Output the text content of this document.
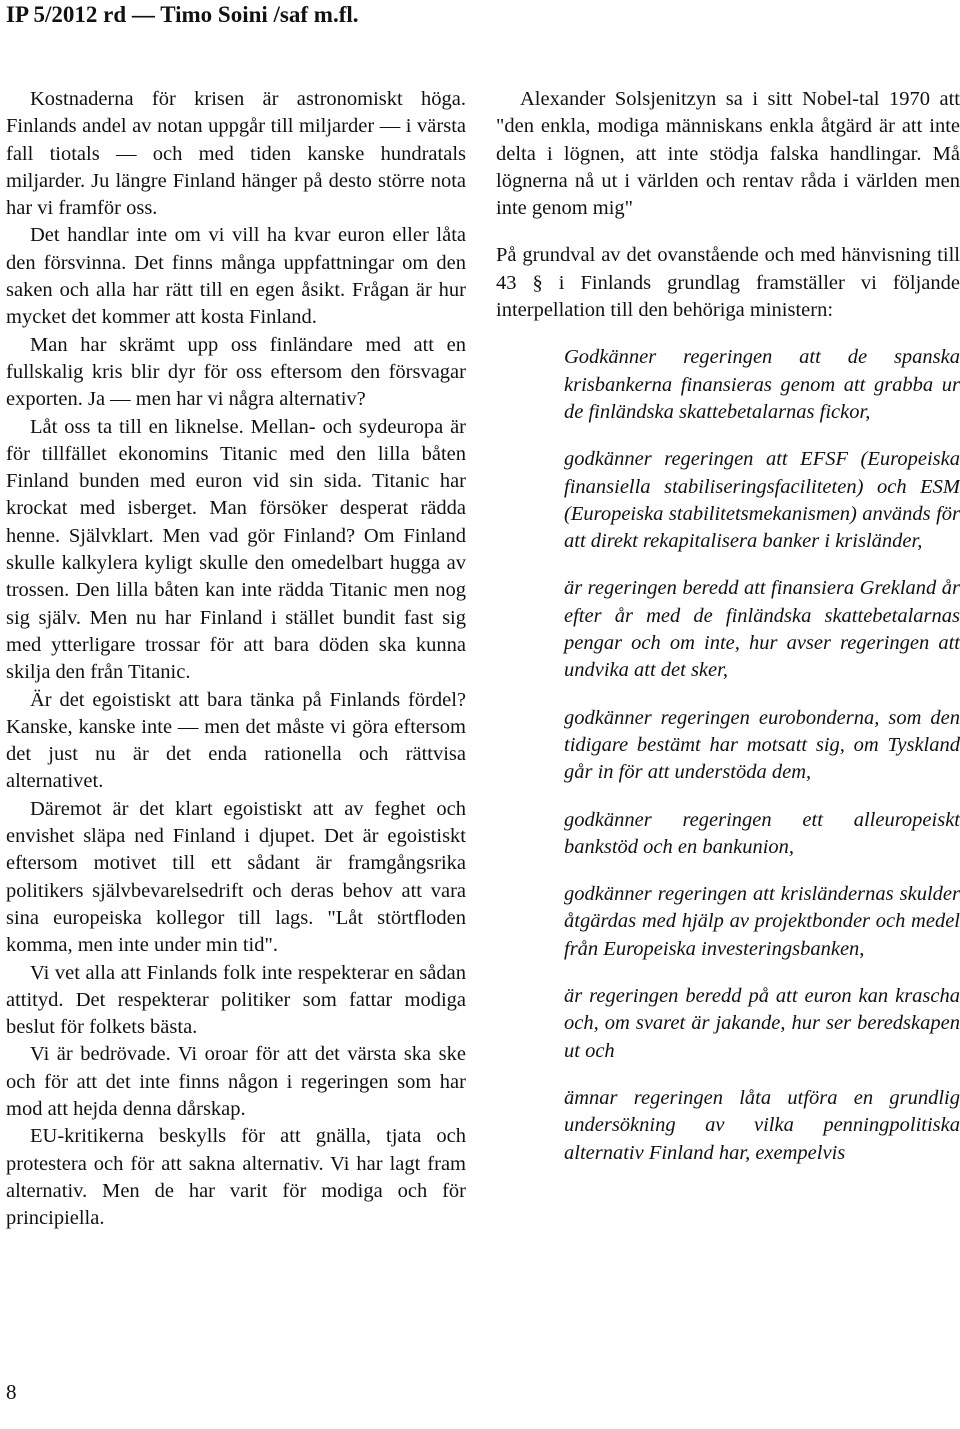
IP 5/2012 rd — Timo Soini /saf m.fl.

Kostnaderna för krisen är astronomiskt höga. Finlands andel av notan uppgår till miljarder — i värsta fall tiotals — och med tiden kanske hundratals miljarder. Ju längre Finland hänger på desto större nota har vi framför oss.

Det handlar inte om vi vill ha kvar euron eller låta den försvinna. Det finns många uppfattningar om den saken och alla har rätt till en egen åsikt. Frågan är hur mycket det kommer att kosta Finland.

Man har skrämt upp oss finländare med att en fullskalig kris blir dyr för oss eftersom den försvagar exporten. Ja — men har vi några alternativ?

Låt oss ta till en liknelse. Mellan- och sydeuropa är för tillfället ekonomins Titanic med den lilla båten Finland bunden med euron vid sin sida. Titanic har krockat med isberget. Man försöker desperat rädda henne. Självklart. Men vad gör Finland? Om Finland skulle kalkylera kyligt skulle den omedelbart hugga av trossen. Den lilla båten kan inte rädda Titanic men nog sig själv. Men nu har Finland i stället bundit fast sig med ytterligare trossar för att bara döden ska kunna skilja den från Titanic.

Är det egoistiskt att bara tänka på Finlands fördel? Kanske, kanske inte — men det måste vi göra eftersom det just nu är det enda rationella och rättvisa alternativet.

Däremot är det klart egoistiskt att av feghet och envishet släpa ned Finland i djupet. Det är egoistiskt eftersom motivet till ett sådant är framgångsrika politikers självbevarelsedrift och deras behov att vara sina europeiska kollegor till lags. "Låt störtfloden komma, men inte under min tid".

Vi vet alla att Finlands folk inte respekterar en sådan attityd. Det respekterar politiker som fattar modiga beslut för folkets bästa.

Vi är bedrövade. Vi oroar för att det värsta ska ske och för att det inte finns någon i regeringen som har mod att hejda denna dårskap.

EU-kritikerna beskylls för att gnälla, tjata och protestera och för att sakna alternativ. Vi har lagt fram alternativ. Men de har varit för modiga och för principiella.

Alexander Solsjenitzyn sa i sitt Nobel-tal 1970 att "den enkla, modiga människans enkla åtgärd är att inte delta i lögnen, att inte stödja falska handlingar. Må lögnerna nå ut i världen och rentav råda i världen men inte genom mig"

På grundval av det ovanstående och med hänvisning till 43 § i Finlands grundlag framställer vi följande interpellation till den behöriga ministern:

Godkänner regeringen att de spanska krisbankerna finansieras genom att grabba ur de finländska skattebetalarnas fickor,

godkänner regeringen att EFSF (Europeiska finansiella stabiliseringsfaciliteten) och ESM (Europeiska stabilitetsmekanismen) används för att direkt rekapitalisera banker i krisländer,

är regeringen beredd att finansiera Grekland år efter år med de finländska skattebetalarnas pengar och om inte, hur avser regeringen att undvika att det sker,

godkänner regeringen eurobonderna, som den tidigare bestämt har motsatt sig, om Tyskland går in för att understöda dem,

godkänner regeringen ett alleuropeiskt bankstöd och en bankunion,

godkänner regeringen att krisländernas skulder åtgärdas med hjälp av projektbonder och medel från Europeiska investeringsbanken,

är regeringen beredd på att euron kan krascha och, om svaret är jakande, hur ser beredskapen ut och

ämnar regeringen låta utföra en grundlig undersökning av vilka penningpolitiska alternativ Finland har, exempelvis

8
